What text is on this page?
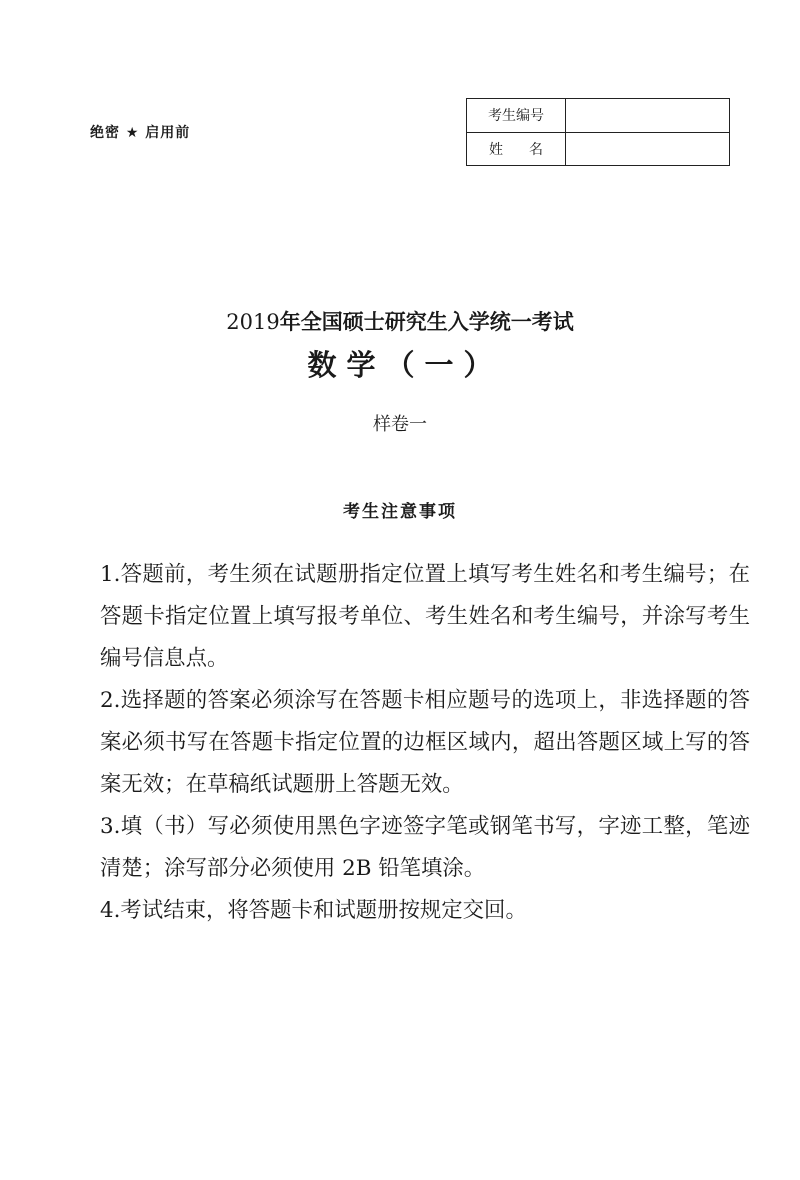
绝密 ★ 启用前
考生编号	
姓名	
2019年全国硕士研究生入学统一考试
数学（一）
样卷一
考生注意事项
1.答题前，考生须在试题册指定位置上填写考生姓名和考生编号；在答题卡指定位置上填写报考单位、考生姓名和考生编号，并涂写考生编号信息点。
2.选择题的答案必须涂写在答题卡相应题号的选项上，非选择题的答案必须书写在答题卡指定位置的边框区域内，超出答题区域上写的答案无效；在草稿纸试题册上答题无效。
3.填（书）写必须使用黑色字迹签字笔或钢笔书写，字迹工整，笔迹清楚；涂写部分必须使用 2B 铅笔填涂。
4.考试结束，将答题卡和试题册按规定交回。
